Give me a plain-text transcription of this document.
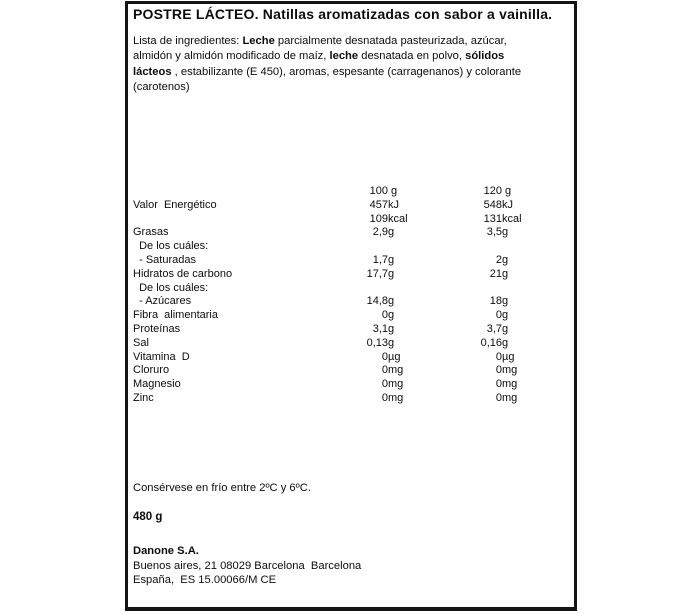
POSTRE LÁCTEO. Natillas aromatizadas con sabor a vainilla.

Lista de ingredientes: Leche parcialmente desnatada pasteurizada, azúcar,
almidón y almidón modificado de maíz, leche desnatada en polvo, sólidos
lácteos , estabilizante (E 450), aromas, espesante (carragenanos) y colorante
(carotenos)

100 g	120 g
Valor  Energético	457 kJ	548 kJ
109 kcal	131 kcal
Grasas	2,9 g	3,5 g
De los cuáles:
- Saturadas	1,7 g	2 g
Hidratos de carbono	17,7 g	21 g
De los cuáles:
- Azúcares	14,8 g	18 g
Fibra  alimentaria	0 g	0 g
Proteínas	3,1 g	3,7 g
Sal	0,13 g	0,16 g
Vitamina  D	0 µg	0 µg
Cloruro	0 mg	0 mg
Magnesio	0 mg	0 mg
Zinc	0 mg	0 mg
Consérvese en frío entre 2ºC y 6ºC.
480 g
Danone S.A.
Buenos aires, 21 08029 Barcelona  Barcelona
España,  ES 15.00066/M CE
